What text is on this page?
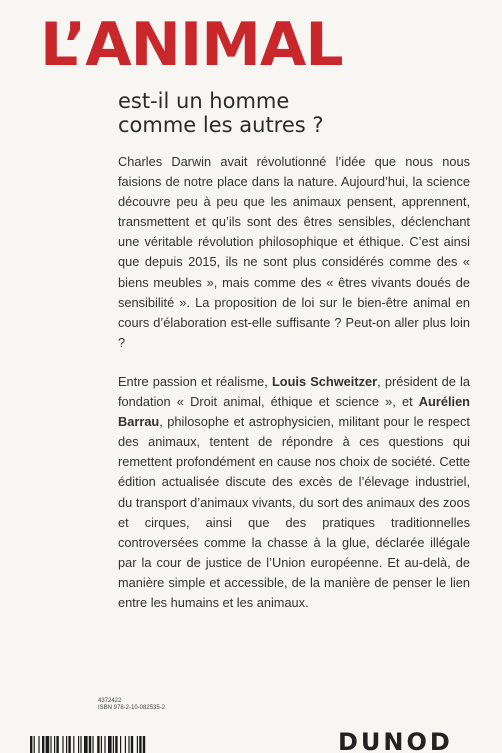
L’ANIMAL
est-il un homme
comme les autres ?

Charles Darwin avait révolutionné l’idée que nous nous faisions de notre place dans la nature. Aujourd’hui, la science découvre peu à peu que les animaux pensent, apprennent, transmettent et qu’ils sont des êtres sensibles, déclenchant une véritable révolution philosophique et éthique. C’est ainsi que depuis 2015, ils ne sont plus considérés comme des « biens meubles », mais comme des « êtres vivants doués de sensibilité ». La proposition de loi sur le bien-être animal en cours d’élaboration est-elle suffisante ? Peut-on aller plus loin ?

Entre passion et réalisme, Louis Schweitzer, président de la fondation « Droit animal, éthique et science », et Aurélien Barrau, philosophe et astrophysicien, militant pour le respect des animaux, tentent de répondre à ces questions qui remettent profondément en cause nos choix de société. Cette édition actualisée discute des excès de l’élevage industriel, du transport d’animaux vivants, du sort des animaux des zoos et cirques, ainsi que des pratiques traditionnelles controversées comme la chasse à la glue, déclarée illégale par la cour de justice de l’Union européenne. Et au-delà, de manière simple et accessible, de la manière de penser le lien entre les humains et les animaux.

4372422
ISBN 978-2-10-082535-2
DUNOD
